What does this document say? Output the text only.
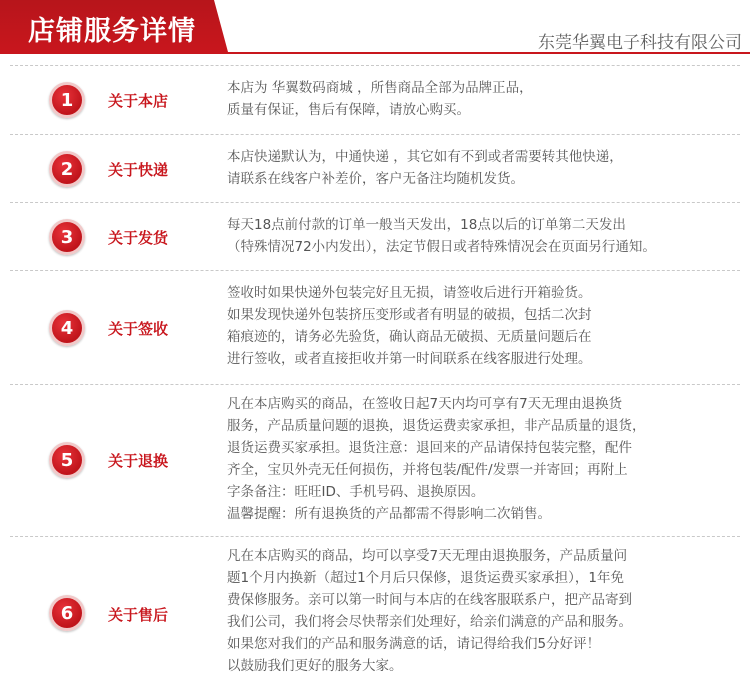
店铺服务详情	东莞华翼电子科技有限公司
1	关于本店
本店为 华翼数码商城 ，所售商品全部为品牌正品，
质量有保证，售后有保障，请放心购买。
2	关于快递
本店快递默认为，中通快递 ，其它如有不到或者需要转其他快递，
请联系在线客户补差价，客户无备注均随机发货。
3	关于发货
每天18点前付款的订单一般当天发出，18点以后的订单第二天发出
（特殊情况72小内发出），法定节假日或者特殊情况会在页面另行通知。
4	关于签收
签收时如果快递外包装完好且无损，请签收后进行开箱验货。
如果发现快递外包装挤压变形或者有明显的破损，包括二次封
箱痕迹的，请务必先验货，确认商品无破损、无质量问题后在
进行签收，或者直接拒收并第一时间联系在线客服进行处理。
5	关于退换
凡在本店购买的商品，在签收日起7天内均可享有7天无理由退换货
服务，产品质量问题的退换，退货运费卖家承担，非产品质量的退货，
退货运费买家承担。退货注意：退回来的产品请保持包装完整，配件
齐全，宝贝外壳无任何损伤，并将包装/配件/发票一并寄回；再附上
字条备注：旺旺ID、手机号码、退换原因。
温馨提醒：所有退换货的产品都需不得影响二次销售。
6	关于售后
凡在本店购买的商品，均可以享受7天无理由退换服务，产品质量问
题1个月内换新（超过1个月后只保修，退货运费买家承担），1年免
费保修服务。亲可以第一时间与本店的在线客服联系户，把产品寄到
我们公司，我们将会尽快帮亲们处理好，给亲们满意的产品和服务。
如果您对我们的产品和服务满意的话，请记得给我们5分好评！
以鼓励我们更好的服务大家。
